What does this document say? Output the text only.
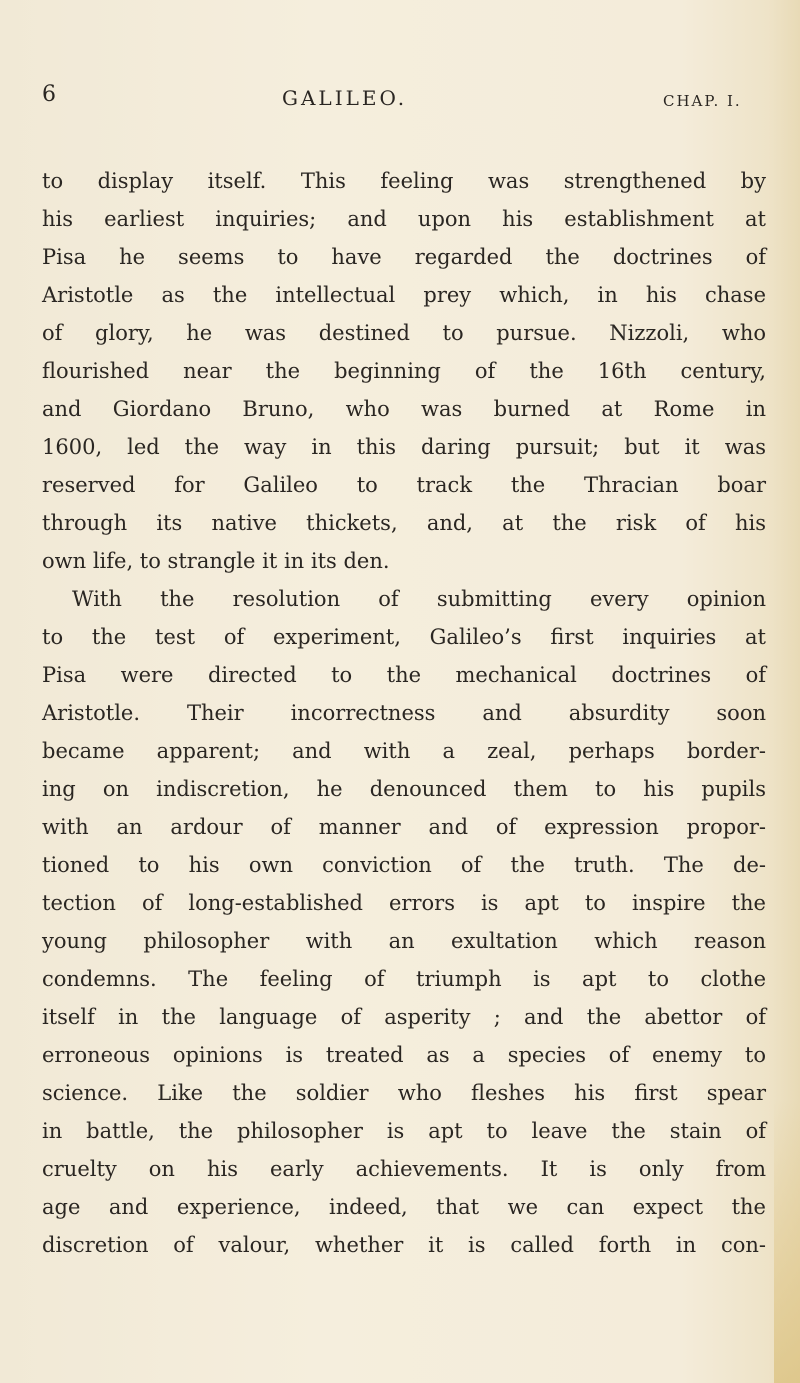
6	GALILEO.	CHAP. I.
to display itself. This feeling was strengthened by
his earliest inquiries; and upon his establishment at
Pisa he seems to have regarded the doctrines of
Aristotle as the intellectual prey which, in his chase
of glory, he was destined to pursue. Nizzoli, who
flourished near the beginning of the 16th century,
and Giordano Bruno, who was burned at Rome in
1600, led the way in this daring pursuit; but it was
reserved for Galileo to track the Thracian boar
through its native thickets, and, at the risk of his
own life, to strangle it in its den.
With the resolution of submitting every opinion
to the test of experiment, Galileo’s first inquiries at
Pisa were directed to the mechanical doctrines of
Aristotle. Their incorrectness and absurdity soon
became apparent; and with a zeal, perhaps border-
ing on indiscretion, he denounced them to his pupils
with an ardour of manner and of expression propor-
tioned to his own conviction of the truth. The de-
tection of long-established errors is apt to inspire the
young philosopher with an exultation which reason
condemns. The feeling of triumph is apt to clothe
itself in the language of asperity ; and the abettor of
erroneous opinions is treated as a species of enemy to
science. Like the soldier who fleshes his first spear
in battle, the philosopher is apt to leave the stain of
cruelty on his early achievements. It is only from
age and experience, indeed, that we can expect the
discretion of valour, whether it is called forth in con-
